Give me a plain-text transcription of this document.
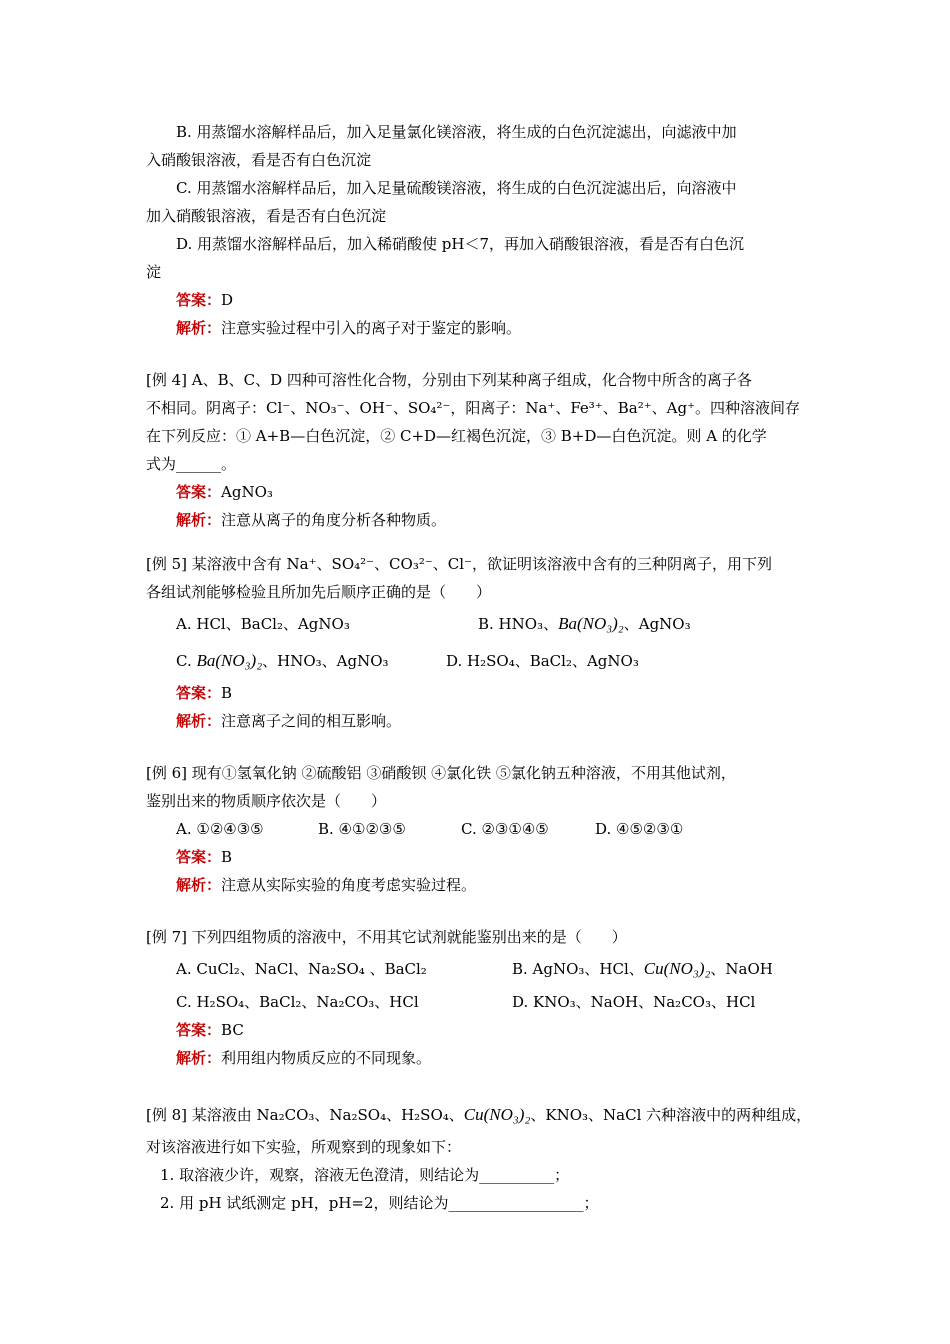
B. 用蒸馏水溶解样品后，加入足量氯化镁溶液，将生成的白色沉淀滤出，向滤液中加
入硝酸银溶液，看是否有白色沉淀
C. 用蒸馏水溶解样品后，加入足量硫酸镁溶液，将生成的白色沉淀滤出后，向溶液中
加入硝酸银溶液，看是否有白色沉淀
D. 用蒸馏水溶解样品后，加入稀硝酸使 pH＜7，再加入硝酸银溶液，看是否有白色沉
淀
答案：D
解析：注意实验过程中引入的离子对于鉴定的影响。
[例 4] A、B、C、D 四种可溶性化合物，分别由下列某种离子组成，化合物中所含的离子各
不相同。阴离子：Cl⁻、NO₃⁻、OH⁻、SO₄²⁻，阳离子：Na⁺、Fe³⁺、Ba²⁺、Ag⁺。四种溶液间存
在下列反应：① A+B—白色沉淀，② C+D—红褐色沉淀，③ B+D—白色沉淀。则 A 的化学
式为______。
答案：AgNO₃
解析：注意从离子的角度分析各种物质。
[例 5] 某溶液中含有 Na⁺、SO₄²⁻、CO₃²⁻、Cl⁻，欲证明该溶液中含有的三种阴离子，用下列
各组试剂能够检验且所加先后顺序正确的是（　　）
A. HCl、BaCl₂、AgNO₃	B. HNO₃、Ba(NO₃)₂、AgNO₃
C. Ba(NO₃)₂、HNO₃、AgNO₃	D. H₂SO₄、BaCl₂、AgNO₃
答案：B
解析：注意离子之间的相互影响。
[例 6] 现有①氢氧化钠 ②硫酸铝 ③硝酸钡 ④氯化铁 ⑤氯化钠五种溶液，不用其他试剂，
鉴别出来的物质顺序依次是（　　）
A. ①②④③⑤	B. ④①②③⑤	C. ②③①④⑤	D. ④⑤②③①
答案：B
解析：注意从实际实验的角度考虑实验过程。
[例 7] 下列四组物质的溶液中，不用其它试剂就能鉴别出来的是（　　）
A. CuCl₂、NaCl、Na₂SO₄ 、BaCl₂	B. AgNO₃、HCl、Cu(NO₃)₂、NaOH
C. H₂SO₄、BaCl₂、Na₂CO₃、HCl	D. KNO₃、NaOH、Na₂CO₃、HCl
答案：BC
解析：利用组内物质反应的不同现象。
[例 8] 某溶液由 Na₂CO₃、Na₂SO₄、H₂SO₄、Cu(NO₃)₂、KNO₃、NaCl 六种溶液中的两种组成，
对该溶液进行如下实验，所观察到的现象如下：
1. 取溶液少许，观察，溶液无色澄清，则结论为__________；
2. 用 pH 试纸测定 pH，pH=2，则结论为__________________；
